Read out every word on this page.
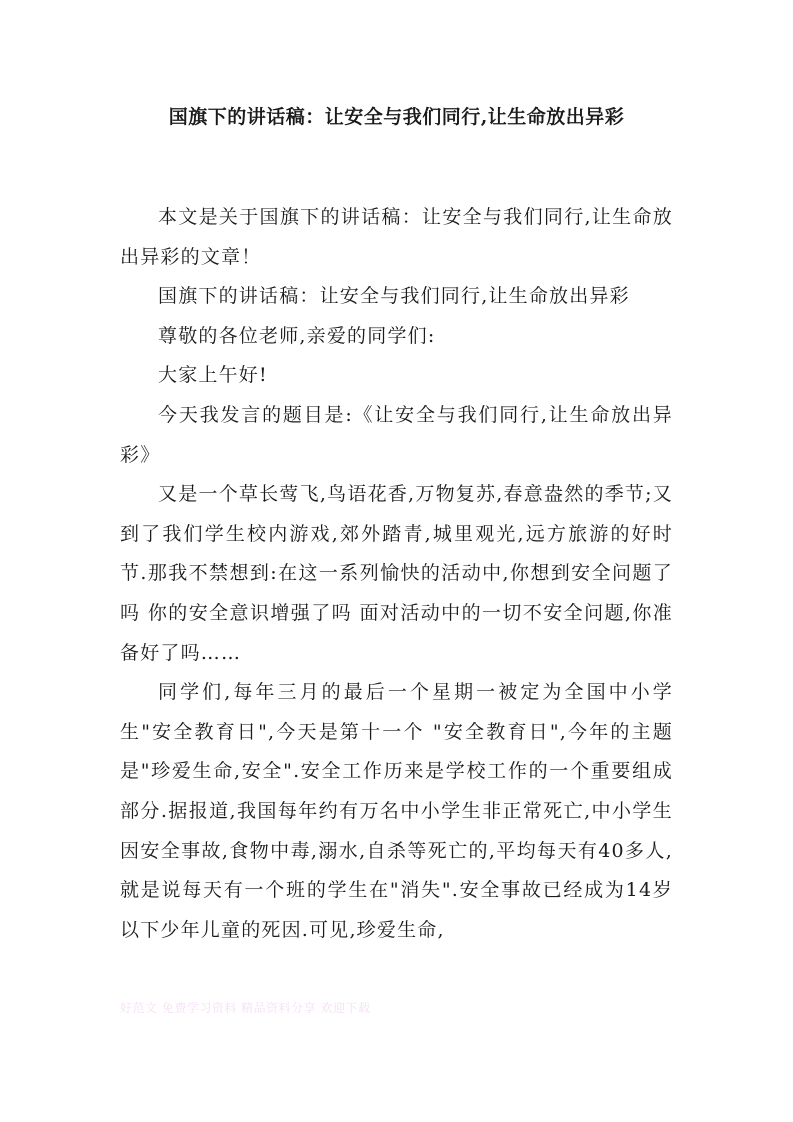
国旗下的讲话稿：让安全与我们同行,让生命放出异彩

本文是关于国旗下的讲话稿：让安全与我们同行,让生命放出异彩的文章！

国旗下的讲话稿：让安全与我们同行,让生命放出异彩

尊敬的各位老师,亲爱的同学们:

大家上午好!

今天我发言的题目是:《让安全与我们同行,让生命放出异彩》

又是一个草长莺飞,鸟语花香,万物复苏,春意盎然的季节;又到了我们学生校内游戏,郊外踏青,城里观光,远方旅游的好时节.那我不禁想到:在这一系列愉快的活动中,你想到安全问题了吗 你的安全意识增强了吗 面对活动中的一切不安全问题,你准备好了吗……

同学们,每年三月的最后一个星期一被定为全国中小学生"安全教育日",今天是第十一个 "安全教育日",今年的主题是"珍爱生命,安全".安全工作历来是学校工作的一个重要组成部分.据报道,我国每年约有万名中小学生非正常死亡,中小学生因安全事故,食物中毒,溺水,自杀等死亡的,平均每天有40多人,就是说每天有一个班的学生在"消失".安全事故已经成为14岁以下少年儿童的死因.可见,珍爱生命,

好范文 免费学习资料 精品资料分享 欢迎下载
